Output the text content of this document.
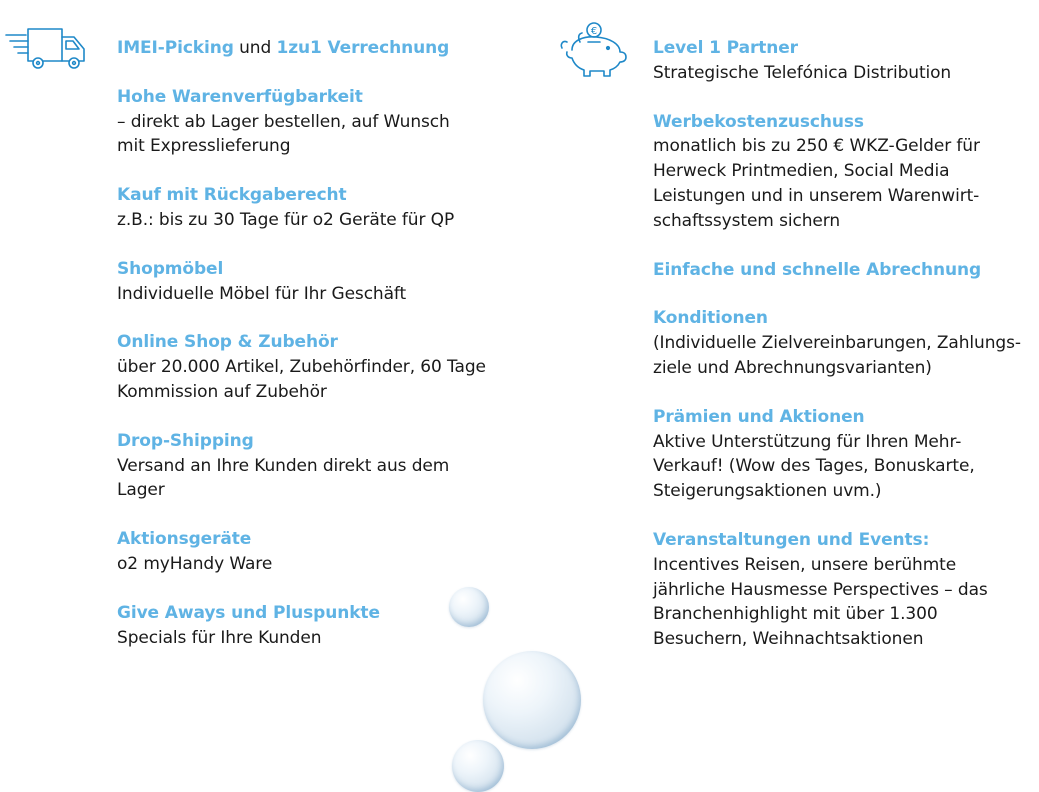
€
IMEI-Picking und 1zu1 Verrechnung
Hohe Warenverfügbarkeit
– direkt ab Lager bestellen, auf Wunsch
mit Expresslieferung
Kauf mit Rückgaberecht
z.B.: bis zu 30 Tage für o2 Geräte für QP
Shopmöbel
Individuelle Möbel für Ihr Geschäft
Online Shop & Zubehör
über 20.000 Artikel, Zubehörfinder, 60 Tage
Kommission auf Zubehör
Drop-Shipping
Versand an Ihre Kunden direkt aus dem
Lager
Aktionsgeräte
o2 myHandy Ware
Give Aways und Pluspunkte
Specials für Ihre Kunden
Level 1 Partner
Strategische Telefónica Distribution
Werbekostenzuschuss
monatlich bis zu 250 € WKZ-Gelder für
Herweck Printmedien, Social Media
Leistungen und in unserem Warenwirt-
schaftssystem sichern
Einfache und schnelle Abrechnung
Konditionen
(Individuelle Zielvereinbarungen, Zahlungs-
ziele und Abrechnungsvarianten)
Prämien und Aktionen
Aktive Unterstützung für Ihren Mehr-
Verkauf! (Wow des Tages, Bonuskarte,
Steigerungsaktionen uvm.)
Veranstaltungen und Events:
Incentives Reisen, unsere berühmte
jährliche Hausmesse Perspectives – das
Branchenhighlight mit über 1.300
Besuchern, Weihnachtsaktionen
